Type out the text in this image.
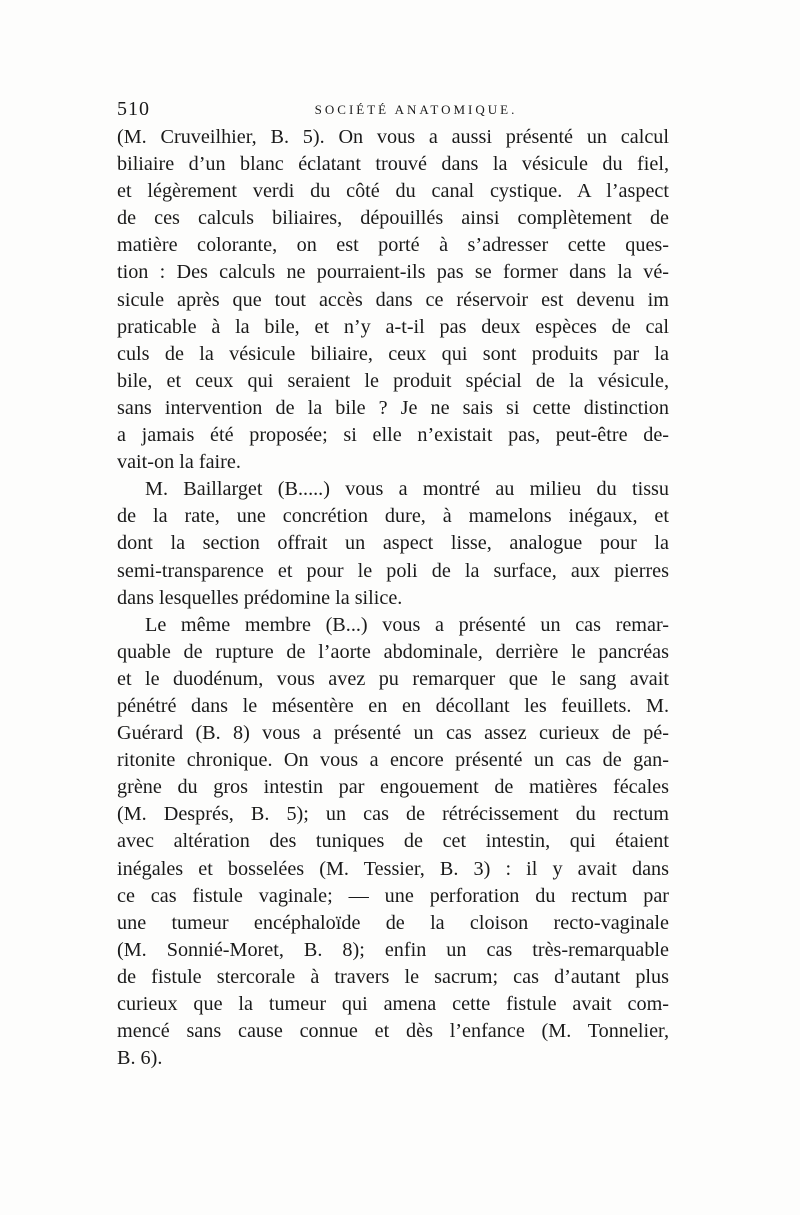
510	SOCIÉTÉ ANATOMIQUE.
(M. Cruveilhier, B. 5). On vous a aussi présenté un calcul
biliaire d’un blanc éclatant trouvé dans la vésicule du fiel,
et légèrement verdi du côté du canal cystique. A l’aspect
de ces calculs biliaires, dépouillés ainsi complètement de
matière colorante, on est porté à s’adresser cette ques-
tion : Des calculs ne pourraient-ils pas se former dans la vé-
sicule après que tout accès dans ce réservoir est devenu im
praticable à la bile, et n’y a-t-il pas deux espèces de cal
culs de la vésicule biliaire, ceux qui sont produits par la
bile, et ceux qui seraient le produit spécial de la vésicule,
sans intervention de la bile ? Je ne sais si cette distinction
a jamais été proposée; si elle n’existait pas, peut-être de-
vait-on la faire.
M. Baillarget (B.....) vous a montré au milieu du tissu
de la rate, une concrétion dure, à mamelons inégaux, et
dont la section offrait un aspect lisse, analogue pour la
semi-transparence et pour le poli de la surface, aux pierres
dans lesquelles prédomine la silice.
Le même membre (B...) vous a présenté un cas remar-
quable de rupture de l’aorte abdominale, derrière le pancréas
et le duodénum, vous avez pu remarquer que le sang avait
pénétré dans le mésentère en en décollant les feuillets. M.
Guérard (B. 8) vous a présenté un cas assez curieux de pé-
ritonite chronique. On vous a encore présenté un cas de gan-
grène du gros intestin par engouement de matières fécales
(M. Després, B. 5); un cas de rétrécissement du rectum
avec altération des tuniques de cet intestin, qui étaient
inégales et bosselées (M. Tessier, B. 3) : il y avait dans
ce cas fistule vaginale; — une perforation du rectum par
une tumeur encéphaloïde de la cloison recto-vaginale
(M. Sonnié-Moret, B. 8); enfin un cas très-remarquable
de fistule stercorale à travers le sacrum; cas d’autant plus
curieux que la tumeur qui amena cette fistule avait com-
mencé sans cause connue et dès l’enfance (M. Tonnelier,
B. 6).
